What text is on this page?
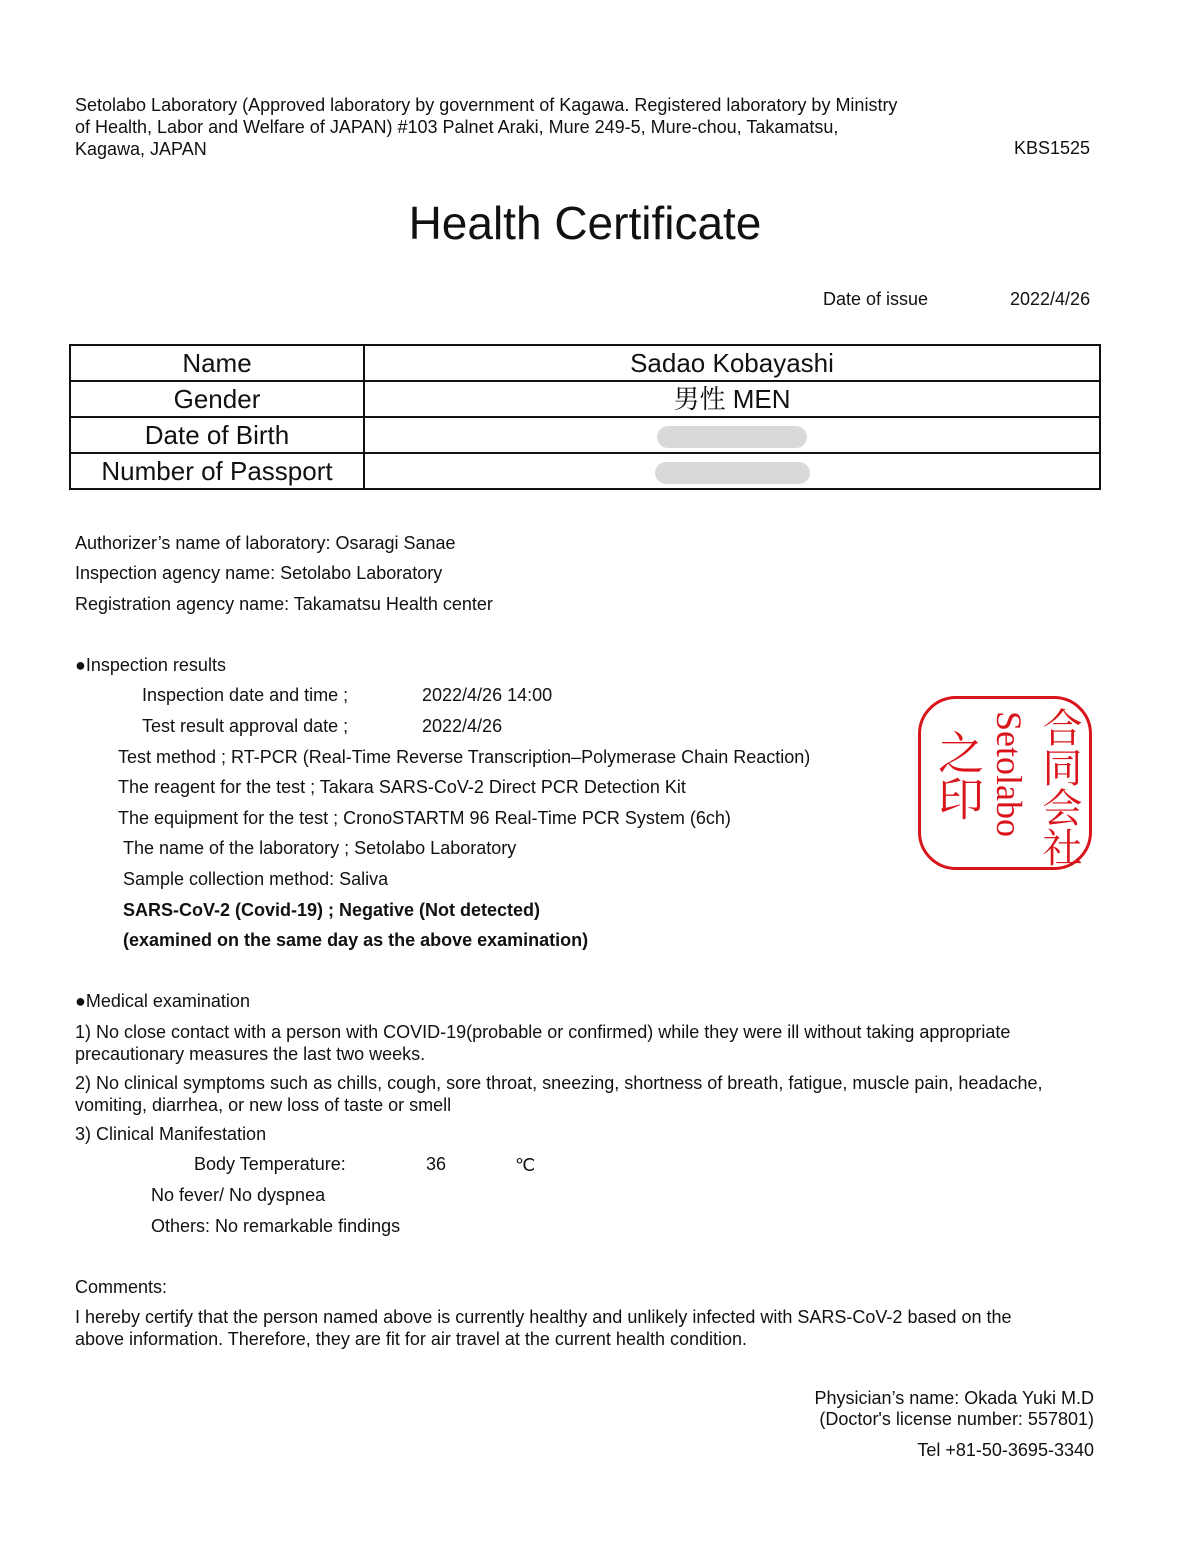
Setolabo Laboratory (Approved laboratory by government of Kagawa. Registered laboratory by Ministry
of Health, Labor and Welfare of JAPAN) #103 Palnet Araki, Mure 249-5, Mure-chou, Takamatsu,
Kagawa, JAPAN	KBS1525
Health Certificate
Date of issue	2022/4/26
Name	Sadao Kobayashi
Gender	男性 MEN
Date of Birth	
Number of Passport	
Authorizer’s name of laboratory: Osaragi Sanae
Inspection agency name: Setolabo Laboratory
Registration agency name: Takamatsu Health center
●Inspection results
Inspection date and time ;	2022/4/26 14:00
Test result approval date ;	2022/4/26
Test method ; RT-PCR (Real-Time Reverse Transcription–Polymerase Chain Reaction)
The reagent for the test ; Takara SARS-CoV-2 Direct PCR Detection Kit
The equipment for the test ; CronoSTARTM 96 Real-Time PCR System (6ch)
The name of the laboratory ; Setolabo Laboratory
Sample collection method: Saliva
SARS-CoV-2 (Covid-19) ; Negative (Not detected)
(examined on the same day as the above examination)
合同会社
Setolabo
之印
●Medical examination
1) No close contact with a person with COVID-19(probable or confirmed) while they were ill without taking appropriate
precautionary measures the last two weeks.
2) No clinical symptoms such as chills, cough, sore throat, sneezing, shortness of breath, fatigue, muscle pain, headache,
vomiting, diarrhea, or new loss of taste or smell
3) Clinical Manifestation
Body Temperature:	36	℃
No fever/ No dyspnea
Others: No remarkable findings
Comments:
I hereby certify that the person named above is currently healthy and unlikely infected with SARS-CoV-2 based on the
above information. Therefore, they are fit for air travel at the current health condition.
Physician’s name: Okada Yuki M.D
(Doctor's license number: 557801)
Tel +81-50-3695-3340
